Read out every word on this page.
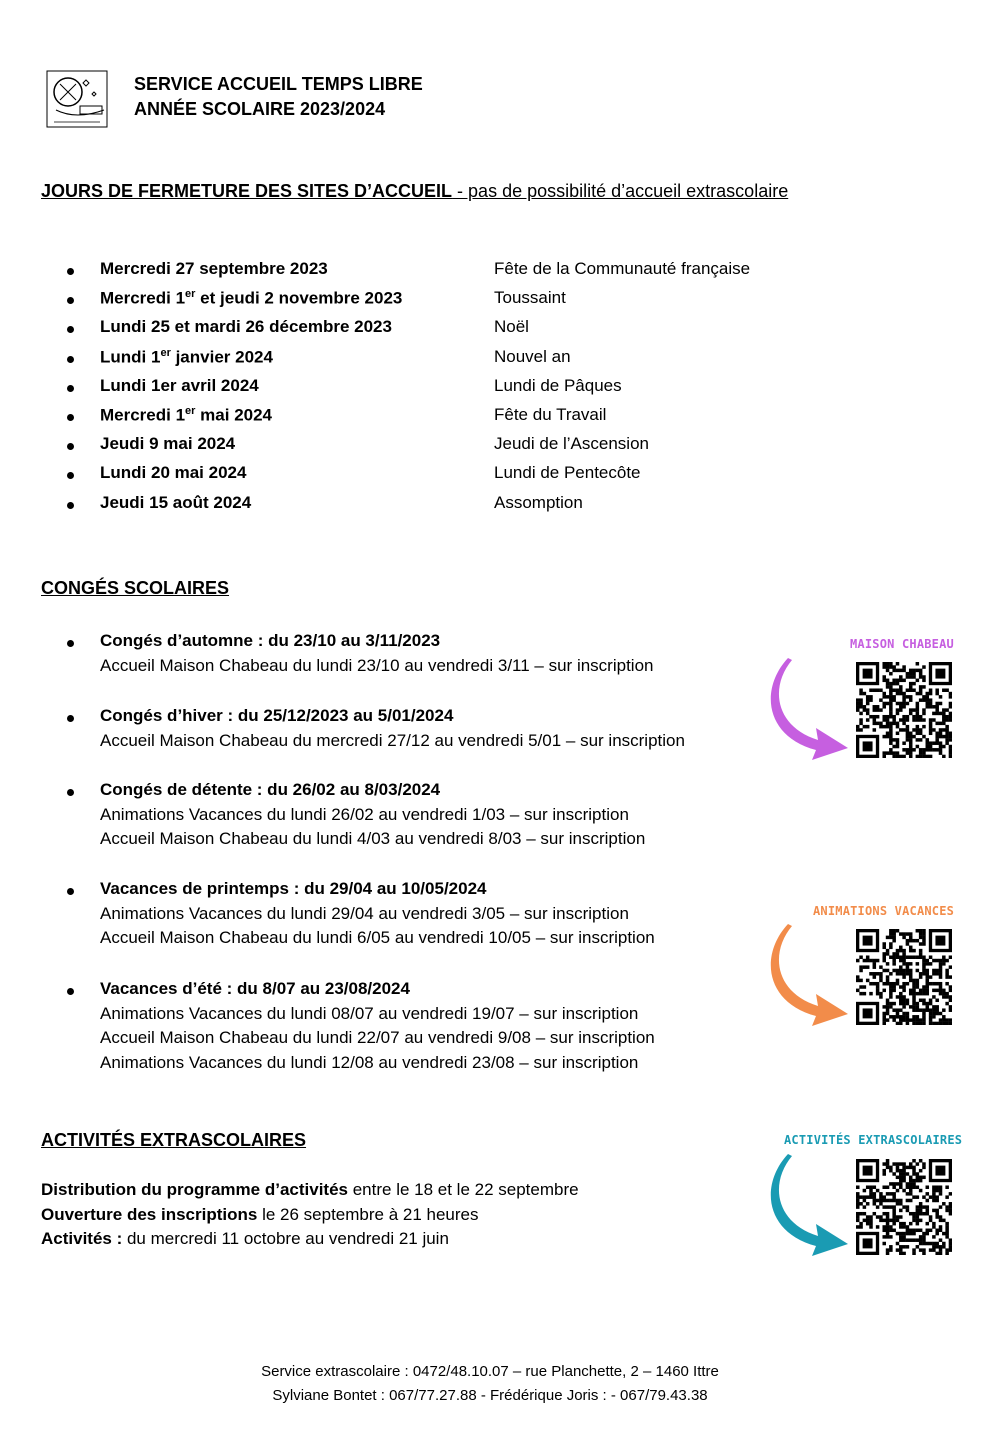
SERVICE ACCUEIL TEMPS LIBRE
ANNÉE SCOLAIRE 2023/2024
JOURS DE FERMETURE DES SITES D’ACCUEIL - pas de possibilité d’accueil extrascolaire
Mercredi 27 septembre 2023	Fête de la Communauté française
Mercredi 1er et jeudi 2 novembre 2023	Toussaint
Lundi 25 et mardi 26 décembre 2023	Noël
Lundi 1er janvier 2024	Nouvel an
Lundi 1er avril 2024	Lundi de Pâques
Mercredi 1er mai 2024	Fête du Travail
Jeudi 9 mai 2024	Jeudi de l’Ascension
Lundi 20 mai 2024	Lundi de Pentecôte
Jeudi 15 août 2024	Assomption
CONGÉS SCOLAIRES
Congés d’automne : du 23/10 au 3/11/2023
Accueil Maison Chabeau du lundi 23/10 au vendredi 3/11 – sur inscription
Congés d’hiver : du 25/12/2023 au 5/01/2024
Accueil Maison Chabeau du mercredi 27/12 au vendredi 5/01 – sur inscription
Congés de détente : du 26/02 au 8/03/2024
Animations Vacances du lundi 26/02 au vendredi 1/03 – sur inscription
Accueil Maison Chabeau du lundi 4/03 au vendredi 8/03 – sur inscription
Vacances de printemps : du 29/04 au 10/05/2024
Animations Vacances du lundi 29/04 au vendredi 3/05 – sur inscription
Accueil Maison Chabeau du lundi 6/05 au vendredi 10/05 – sur inscription
Vacances d’été : du 8/07 au 23/08/2024
Animations Vacances du lundi 08/07 au vendredi 19/07 – sur inscription
Accueil Maison Chabeau du lundi 22/07 au vendredi 9/08 – sur inscription
Animations Vacances du lundi 12/08 au vendredi 23/08 – sur inscription
MAISON CHABEAU
ANIMATIONS VACANCES
ACTIVITÉS EXTRASCOLAIRES
ACTIVITÉS EXTRASCOLAIRES
Distribution du programme d’activités entre le 18 et le 22 septembre
Ouverture des inscriptions le 26 septembre à 21 heures
Activités : du mercredi 11 octobre au vendredi 21 juin
Service extrascolaire : 0472/48.10.07 – rue Planchette, 2 – 1460 Ittre
Sylviane Bontet : 067/77.27.88 - Frédérique Joris : - 067/79.43.38
